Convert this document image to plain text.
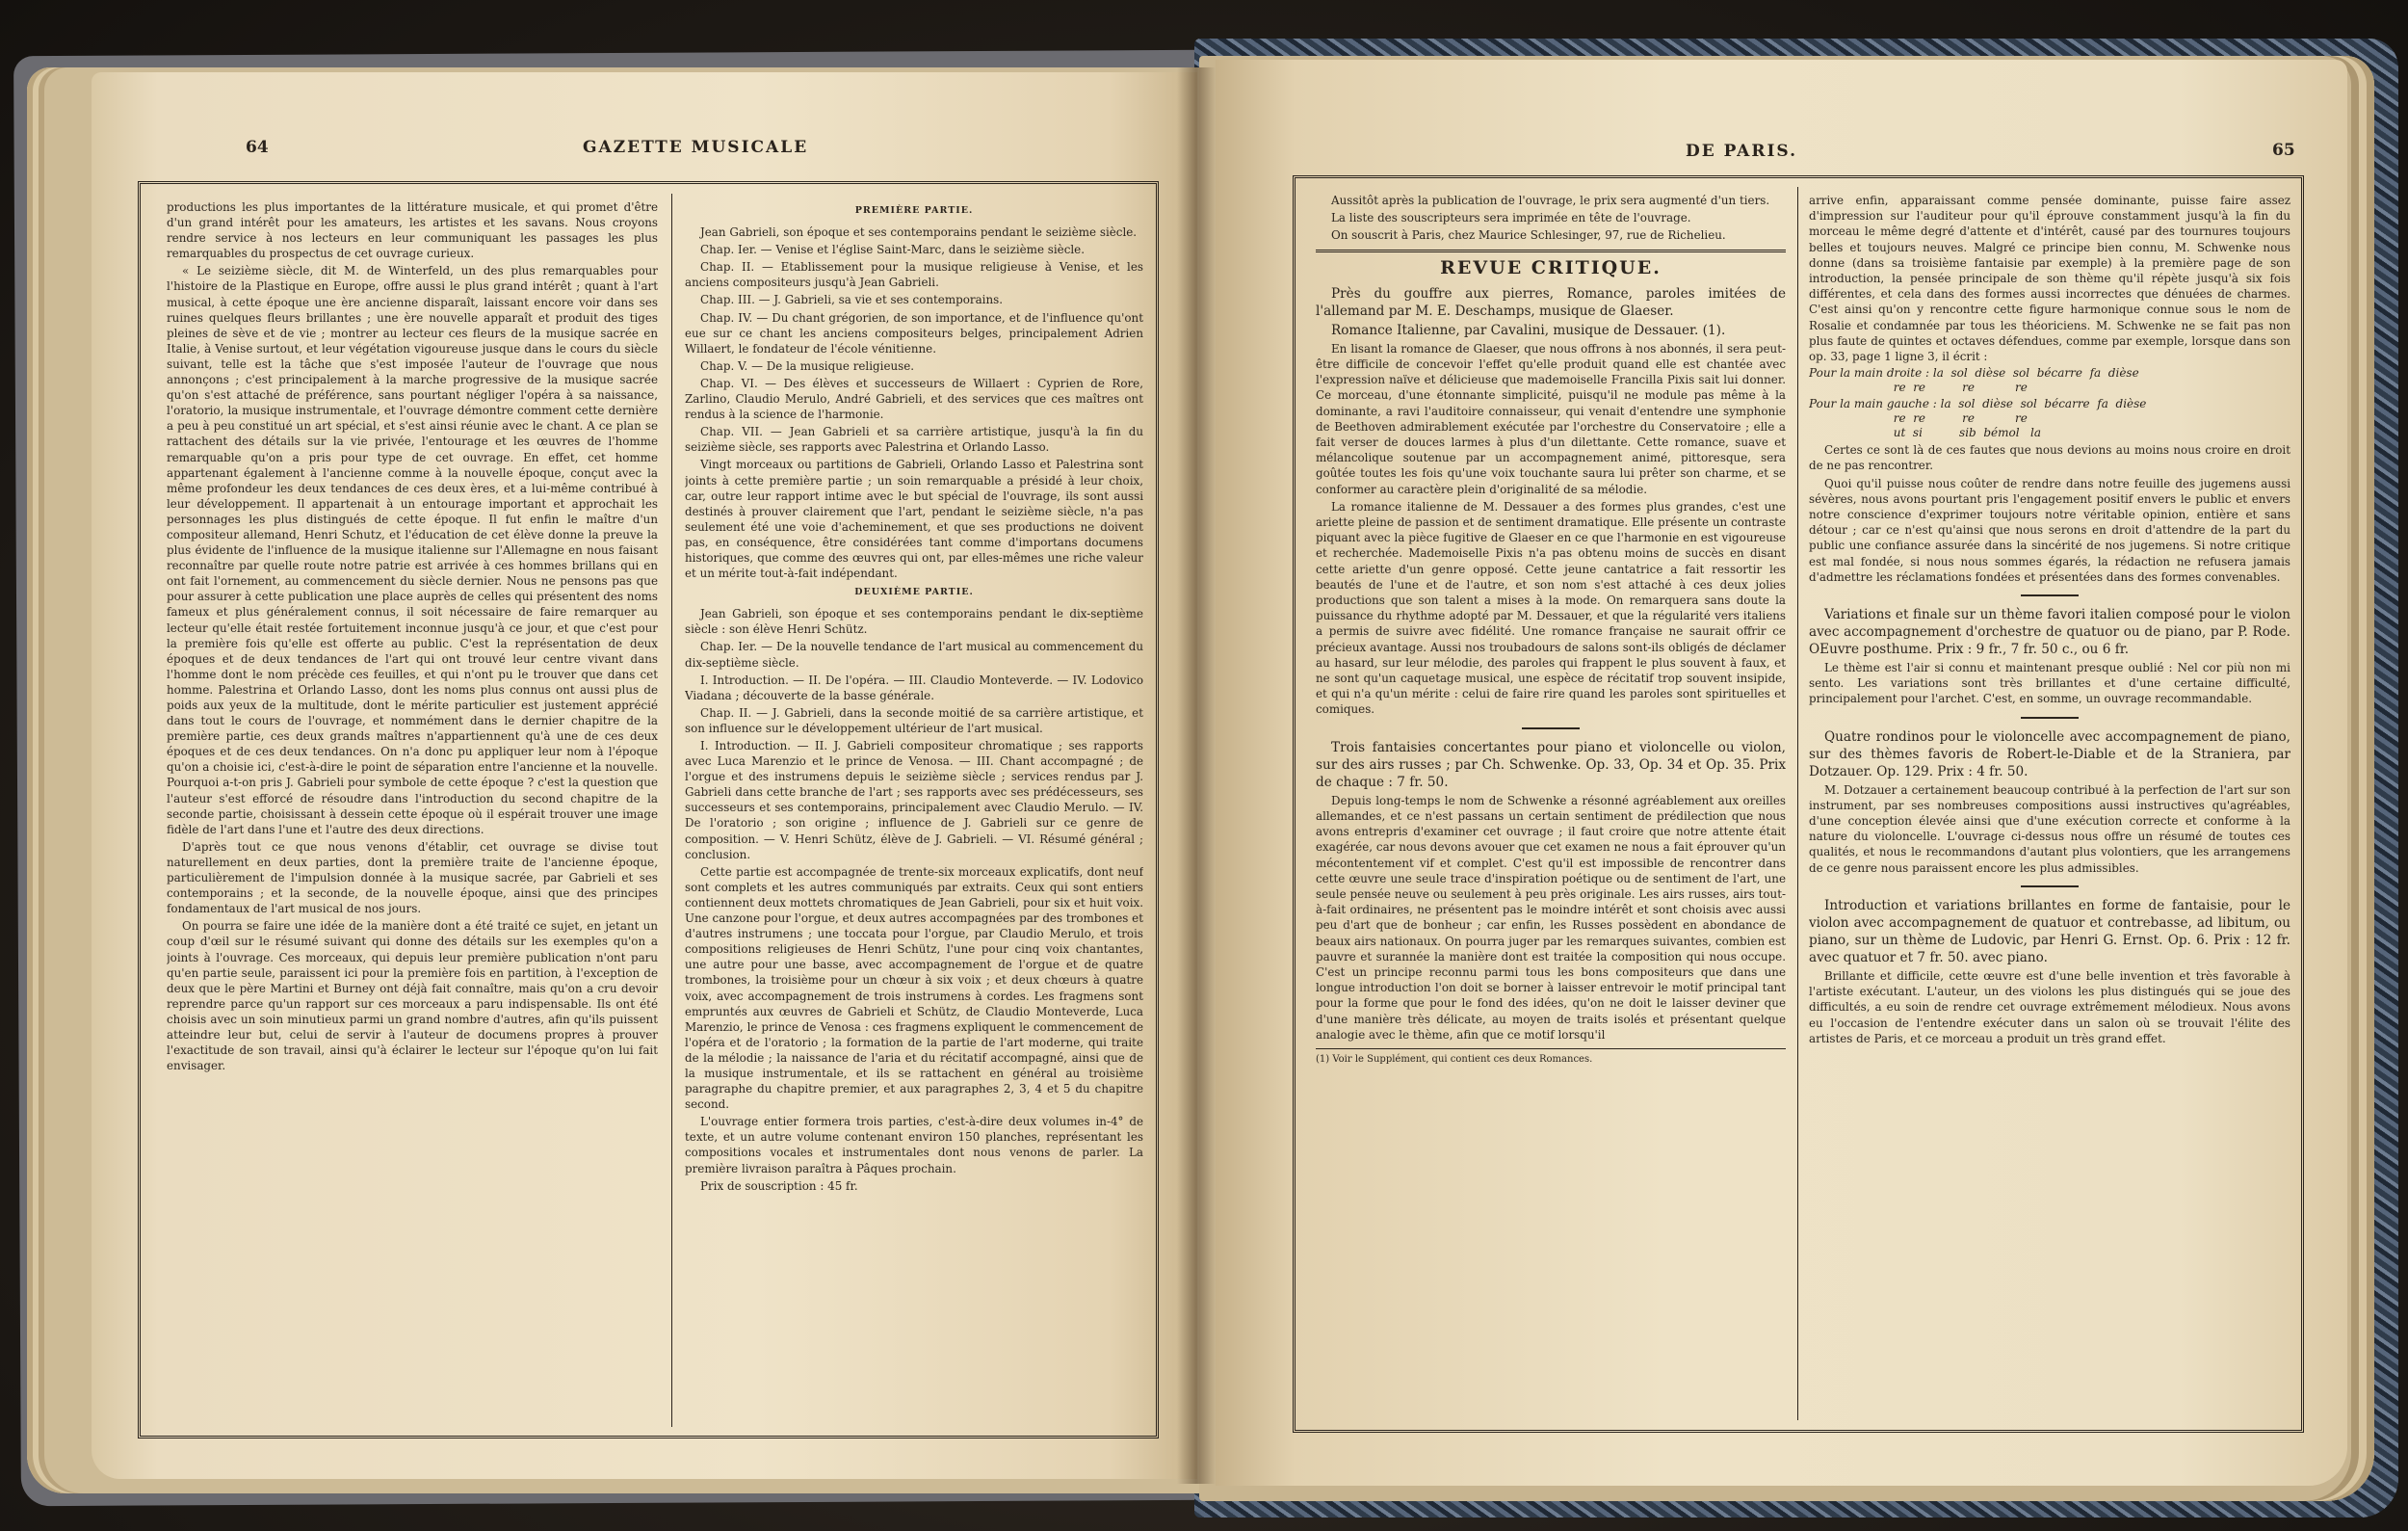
64	GAZETTE MUSICALE

productions les plus importantes de la littérature musicale, et qui promet d'être d'un grand intérêt pour les amateurs, les artistes et les savans. Nous croyons rendre service à nos lecteurs en leur communiquant les passages les plus remarquables du prospectus de cet ouvrage curieux.

« Le seizième siècle, dit M. de Winterfeld, un des plus remarquables pour l'histoire de la Plastique en Europe, offre aussi le plus grand intérêt ; quant à l'art musical, à cette époque une ère ancienne disparaît, laissant encore voir dans ses ruines quelques fleurs brillantes ; une ère nouvelle apparaît et produit des tiges pleines de sève et de vie ; montrer au lecteur ces fleurs de la musique sacrée en Italie, à Venise surtout, et leur végétation vigoureuse jusque dans le cours du siècle suivant, telle est la tâche que s'est imposée l'auteur de l'ouvrage que nous annonçons ; c'est principalement à la marche progressive de la musique sacrée qu'on s'est attaché de préférence, sans pourtant négliger l'opéra à sa naissance, l'oratorio, la musique instrumentale, et l'ouvrage démontre comment cette dernière a peu à peu constitué un art spécial, et s'est ainsi réunie avec le chant. A ce plan se rattachent des détails sur la vie privée, l'entourage et les œuvres de l'homme remarquable qu'on a pris pour type de cet ouvrage. En effet, cet homme appartenant également à l'ancienne comme à la nouvelle époque, conçut avec la même profondeur les deux tendances de ces deux ères, et a lui-même contribué à leur développement. Il appartenait à un entourage important et approchait les personnages les plus distingués de cette époque. Il fut enfin le maître d'un compositeur allemand, Henri Schutz, et l'éducation de cet élève donne la preuve la plus évidente de l'influence de la musique italienne sur l'Allemagne en nous faisant reconnaître par quelle route notre patrie est arrivée à ces hommes brillans qui en ont fait l'ornement, au commencement du siècle dernier. Nous ne pensons pas que pour assurer à cette publication une place auprès de celles qui présentent des noms fameux et plus généralement connus, il soit nécessaire de faire remarquer au lecteur qu'elle était restée fortuitement inconnue jusqu'à ce jour, et que c'est pour la première fois qu'elle est offerte au public. C'est la représentation de deux époques et de deux tendances de l'art qui ont trouvé leur centre vivant dans l'homme dont le nom précède ces feuilles, et qui n'ont pu le trouver que dans cet homme. Palestrina et Orlando Lasso, dont les noms plus connus ont aussi plus de poids aux yeux de la multitude, dont le mérite particulier est justement apprécié dans tout le cours de l'ouvrage, et nommément dans le dernier chapitre de la première partie, ces deux grands maîtres n'appartiennent qu'à une de ces deux époques et de ces deux tendances. On n'a donc pu appliquer leur nom à l'époque qu'on a choisie ici, c'est-à-dire le point de séparation entre l'ancienne et la nouvelle. Pourquoi a-t-on pris J. Gabrieli pour symbole de cette époque ? c'est la question que l'auteur s'est efforcé de résoudre dans l'introduction du second chapitre de la seconde partie, choisissant à dessein cette époque où il espérait trouver une image fidèle de l'art dans l'une et l'autre des deux directions.

D'après tout ce que nous venons d'établir, cet ouvrage se divise tout naturellement en deux parties, dont la première traite de l'ancienne époque, particulièrement de l'impulsion donnée à la musique sacrée, par Gabrieli et ses contemporains ; et la seconde, de la nouvelle époque, ainsi que des principes fondamentaux de l'art musical de nos jours.

On pourra se faire une idée de la manière dont a été traité ce sujet, en jetant un coup d'œil sur le résumé suivant qui donne des détails sur les exemples qu'on a joints à l'ouvrage. Ces morceaux, qui depuis leur première publication n'ont paru qu'en partie seule, paraissent ici pour la première fois en partition, à l'exception de deux que le père Martini et Burney ont déjà fait connaître, mais qu'on a cru devoir reprendre parce qu'un rapport sur ces morceaux a paru indispensable. Ils ont été choisis avec un soin minutieux parmi un grand nombre d'autres, afin qu'ils puissent atteindre leur but, celui de servir à l'auteur de documens propres à prouver l'exactitude de son travail, ainsi qu'à éclairer le lecteur sur l'époque qu'on lui fait envisager.

PREMIÈRE PARTIE.

Jean Gabrieli, son époque et ses contemporains pendant le seizième siècle.

Chap. Ier. — Venise et l'église Saint-Marc, dans le seizième siècle.

Chap. II. — Etablissement pour la musique religieuse à Venise, et les anciens compositeurs jusqu'à Jean Gabrieli.

Chap. III. — J. Gabrieli, sa vie et ses contemporains.

Chap. IV. — Du chant grégorien, de son importance, et de l'influence qu'ont eue sur ce chant les anciens compositeurs belges, principalement Adrien Willaert, le fondateur de l'école vénitienne.

Chap. V. — De la musique religieuse.

Chap. VI. — Des élèves et successeurs de Willaert : Cyprien de Rore, Zarlino, Claudio Merulo, André Gabrieli, et des services que ces maîtres ont rendus à la science de l'harmonie.

Chap. VII. — Jean Gabrieli et sa carrière artistique, jusqu'à la fin du seizième siècle, ses rapports avec Palestrina et Orlando Lasso.

Vingt morceaux ou partitions de Gabrieli, Orlando Lasso et Palestrina sont joints à cette première partie ; un soin remarquable a présidé à leur choix, car, outre leur rapport intime avec le but spécial de l'ouvrage, ils sont aussi destinés à prouver clairement que l'art, pendant le seizième siècle, n'a pas seulement été une voie d'acheminement, et que ses productions ne doivent pas, en conséquence, être considérées tant comme d'importans documens historiques, que comme des œuvres qui ont, par elles-mêmes une riche valeur et un mérite tout-à-fait indépendant.

DEUXIÈME PARTIE.

Jean Gabrieli, son époque et ses contemporains pendant le dix-septième siècle : son élève Henri Schütz.

Chap. Ier. — De la nouvelle tendance de l'art musical au commencement du dix-septième siècle.

I. Introduction. — II. De l'opéra. — III. Claudio Monteverde. — IV. Lodovico Viadana ; découverte de la basse générale.

Chap. II. — J. Gabrieli, dans la seconde moitié de sa carrière artistique, et son influence sur le développement ultérieur de l'art musical.

I. Introduction. — II. J. Gabrieli compositeur chromatique ; ses rapports avec Luca Marenzio et le prince de Venosa. — III. Chant accompagné ; de l'orgue et des instrumens depuis le seizième siècle ; services rendus par J. Gabrieli dans cette branche de l'art ; ses rapports avec ses prédécesseurs, ses successeurs et ses contemporains, principalement avec Claudio Merulo. — IV. De l'oratorio ; son origine ; influence de J. Gabrieli sur ce genre de composition. — V. Henri Schütz, élève de J. Gabrieli. — VI. Résumé général ; conclusion.

Cette partie est accompagnée de trente-six morceaux explicatifs, dont neuf sont complets et les autres communiqués par extraits. Ceux qui sont entiers contiennent deux mottets chromatiques de Jean Gabrieli, pour six et huit voix. Une canzone pour l'orgue, et deux autres accompagnées par des trombones et d'autres instrumens ; une toccata pour l'orgue, par Claudio Merulo, et trois compositions religieuses de Henri Schütz, l'une pour cinq voix chantantes, une autre pour une basse, avec accompagnement de l'orgue et de quatre trombones, la troisième pour un chœur à six voix ; et deux chœurs à quatre voix, avec accompagnement de trois instrumens à cordes. Les fragmens sont empruntés aux œuvres de Gabrieli et Schütz, de Claudio Monteverde, Luca Marenzio, le prince de Venosa : ces fragmens expliquent le commencement de l'opéra et de l'oratorio ; la formation de la partie de l'art moderne, qui traite de la mélodie ; la naissance de l'aria et du récitatif accompagné, ainsi que de la musique instrumentale, et ils se rattachent en général au troisième paragraphe du chapitre premier, et aux paragraphes 2, 3, 4 et 5 du chapitre second.

L'ouvrage entier formera trois parties, c'est-à-dire deux volumes in-4° de texte, et un autre volume contenant environ 150 planches, représentant les compositions vocales et instrumentales dont nous venons de parler. La première livraison paraîtra à Pâques prochain.

Prix de souscription : 45 fr.

DE PARIS.	65

Aussitôt après la publication de l'ouvrage, le prix sera augmenté d'un tiers.

La liste des souscripteurs sera imprimée en tête de l'ouvrage.

On souscrit à Paris, chez Maurice Schlesinger, 97, rue de Richelieu.

REVUE CRITIQUE.

Près du gouffre aux pierres, Romance, paroles imitées de l'allemand par M. E. Deschamps, musique de Glaeser.

Romance Italienne, par Cavalini, musique de Dessauer. (1).

En lisant la romance de Glaeser, que nous offrons à nos abonnés, il sera peut-être difficile de concevoir l'effet qu'elle produit quand elle est chantée avec l'expression naïve et délicieuse que mademoiselle Francilla Pixis sait lui donner. Ce morceau, d'une étonnante simplicité, puisqu'il ne module pas même à la dominante, a ravi l'auditoire connaisseur, qui venait d'entendre une symphonie de Beethoven admirablement exécutée par l'orchestre du Conservatoire ; elle a fait verser de douces larmes à plus d'un dilettante. Cette romance, suave et mélancolique soutenue par un accompagnement animé, pittoresque, sera goûtée toutes les fois qu'une voix touchante saura lui prêter son charme, et se conformer au caractère plein d'originalité de sa mélodie.

La romance italienne de M. Dessauer a des formes plus grandes, c'est une ariette pleine de passion et de sentiment dramatique. Elle présente un contraste piquant avec la pièce fugitive de Glaeser en ce que l'harmonie en est vigoureuse et recherchée. Mademoiselle Pixis n'a pas obtenu moins de succès en disant cette ariette d'un genre opposé. Cette jeune cantatrice a fait ressortir les beautés de l'une et de l'autre, et son nom s'est attaché à ces deux jolies productions que son talent a mises à la mode. On remarquera sans doute la puissance du rhythme adopté par M. Dessauer, et que la régularité vers italiens a permis de suivre avec fidélité. Une romance française ne saurait offrir ce précieux avantage. Aussi nos troubadours de salons sont-ils obligés de déclamer au hasard, sur leur mélodie, des paroles qui frappent le plus souvent à faux, et ne sont qu'un caquetage musical, une espèce de récitatif trop souvent insipide, et qui n'a qu'un mérite : celui de faire rire quand les paroles sont spirituelles et comiques.

Trois fantaisies concertantes pour piano et violoncelle ou violon, sur des airs russes ; par Ch. Schwenke. Op. 33, Op. 34 et Op. 35. Prix de chaque : 7 fr. 50.

Depuis long-temps le nom de Schwenke a résonné agréablement aux oreilles allemandes, et ce n'est passans un certain sentiment de prédilection que nous avons entrepris d'examiner cet ouvrage ; il faut croire que notre attente était exagérée, car nous devons avouer que cet examen ne nous a fait éprouver qu'un mécontentement vif et complet. C'est qu'il est impossible de rencontrer dans cette œuvre une seule trace d'inspiration poétique ou de sentiment de l'art, une seule pensée neuve ou seulement à peu près originale. Les airs russes, airs tout-à-fait ordinaires, ne présentent pas le moindre intérêt et sont choisis avec aussi peu d'art que de bonheur ; car enfin, les Russes possèdent en abondance de beaux airs nationaux. On pourra juger par les remarques suivantes, combien est pauvre et surannée la manière dont est traitée la composition qui nous occupe. C'est un principe reconnu parmi tous les bons compositeurs que dans une longue introduction l'on doit se borner à laisser entrevoir le motif principal tant pour la forme que pour le fond des idées, qu'on ne doit le laisser deviner que d'une manière très délicate, au moyen de traits isolés et présentant quelque analogie avec le thème, afin que ce motif lorsqu'il

(1) Voir le Supplément, qui contient ces deux Romances.

arrive enfin, apparaissant comme pensée dominante, puisse faire assez d'impression sur l'auditeur pour qu'il éprouve constamment jusqu'à la fin du morceau le même degré d'attente et d'intérêt, causé par des tournures toujours belles et toujours neuves. Malgré ce principe bien connu, M. Schwenke nous donne (dans sa troisième fantaisie par exemple) à la première page de son introduction, la pensée principale de son thème qu'il répète jusqu'à six fois différentes, et cela dans des formes aussi incorrectes que dénuées de charmes. C'est ainsi qu'on y rencontre cette figure harmonique connue sous le nom de Rosalie et condamnée par tous les théoriciens. M. Schwenke ne se fait pas non plus faute de quintes et octaves défendues, comme par exemple, lorsque dans son op. 33, page 1 ligne 3, il écrit :

Pour la main droite : la  sol  dièse  sol  bécarre  fa  dièse
re  re          re           re

Pour la main gauche : la  sol  dièse  sol  bécarre  fa  dièse
re  re          re           re
ut  si          sib  bémol   la

Certes ce sont là de ces fautes que nous devions au moins nous croire en droit de ne pas rencontrer.

Quoi qu'il puisse nous coûter de rendre dans notre feuille des jugemens aussi sévères, nous avons pourtant pris l'engagement positif envers le public et envers notre conscience d'exprimer toujours notre véritable opinion, entière et sans détour ; car ce n'est qu'ainsi que nous serons en droit d'attendre de la part du public une confiance assurée dans la sincérité de nos jugemens. Si notre critique est mal fondée, si nous nous sommes égarés, la rédaction ne refusera jamais d'admettre les réclamations fondées et présentées dans des formes convenables.

Variations et finale sur un thème favori italien composé pour le violon avec accompagnement d'orchestre de quatuor ou de piano, par P. Rode. OEuvre posthume. Prix : 9 fr., 7 fr. 50 c., ou 6 fr.

Le thème est l'air si connu et maintenant presque oublié : Nel cor più non mi sento. Les variations sont très brillantes et d'une certaine difficulté, principalement pour l'archet. C'est, en somme, un ouvrage recommandable.

Quatre rondinos pour le violoncelle avec accompagnement de piano, sur des thèmes favoris de Robert-le-Diable et de la Straniera, par Dotzauer. Op. 129. Prix : 4 fr. 50.

M. Dotzauer a certainement beaucoup contribué à la perfection de l'art sur son instrument, par ses nombreuses compositions aussi instructives qu'agréables, d'une conception élevée ainsi que d'une exécution correcte et conforme à la nature du violoncelle. L'ouvrage ci-dessus nous offre un résumé de toutes ces qualités, et nous le recommandons d'autant plus volontiers, que les arrangemens de ce genre nous paraissent encore les plus admissibles.

Introduction et variations brillantes en forme de fantaisie, pour le violon avec accompagnement de quatuor et contrebasse, ad libitum, ou piano, sur un thème de Ludovic, par Henri G. Ernst. Op. 6. Prix : 12 fr. avec quatuor et 7 fr. 50. avec piano.

Brillante et difficile, cette œuvre est d'une belle invention et très favorable à l'artiste exécutant. L'auteur, un des violons les plus distingués qui se joue des difficultés, a eu soin de rendre cet ouvrage extrêmement mélodieux. Nous avons eu l'occasion de l'entendre exécuter dans un salon où se trouvait l'élite des artistes de Paris, et ce morceau a produit un très grand effet.
